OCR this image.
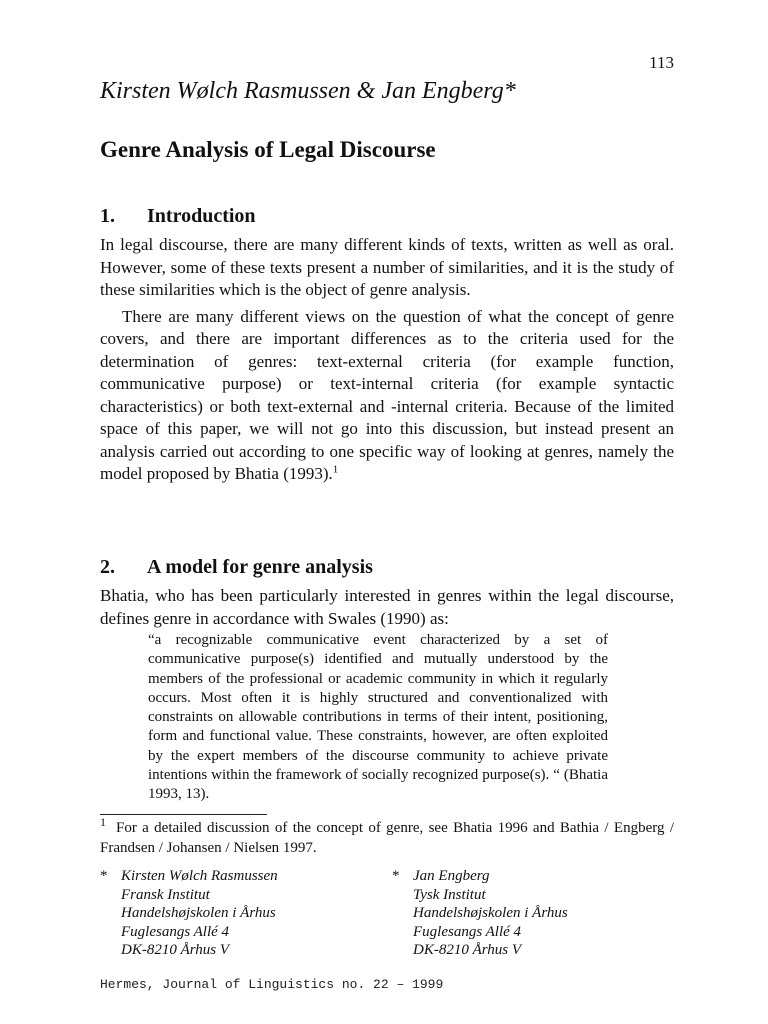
113
Kirsten Wølch Rasmussen & Jan Engberg*
Genre Analysis of Legal Discourse
1. Introduction

In legal discourse, there are many different kinds of texts, written as well as oral. However, some of these texts present a number of similarities, and it is the study of these similarities which is the object of genre analysis.

There are many different views on the question of what the concept of genre covers, and there are important differences as to the criteria used for the determination of genres: text-external criteria (for example function, communicative purpose) or text-internal criteria (for example syntactic characteristics) or both text-external and -internal criteria. Because of the limited space of this paper, we will not go into this discussion, but instead present an analysis carried out according to one specific way of looking at genres, namely the model proposed by Bhatia (1993).$^1$

2. A model for genre analysis

Bhatia, who has been particularly interested in genres within the legal discourse, defines genre in accordance with Swales (1990) as:

“a recognizable communicative event characterized by a set of communicative purpose(s) identified and mutually understood by the members of the professional or academic community in which it regularly occurs. Most often it is highly structured and conventionalized with constraints on allowable contributions in terms of their intent, positioning, form and functional value. These constraints, however, are often exploited by the expert members of the discourse community to achieve private intentions within the framework of socially recognized purpose(s). “ (Bhatia 1993, 13).
$^1$ For a detailed discussion of the concept of genre, see Bhatia 1996 and Bathia / Engberg / Frandsen / Johansen / Nielsen 1997.
* Kirsten Wølch Rasmussen
Fransk Institut
Handelshøjskolen i Århus
Fuglesangs Allé 4
DK-8210 Århus V
* Jan Engberg
Tysk Institut
Handelshøjskolen i Århus
Fuglesangs Allé 4
DK-8210 Århus V
Hermes, Journal of Linguistics no. 22 – 1999
